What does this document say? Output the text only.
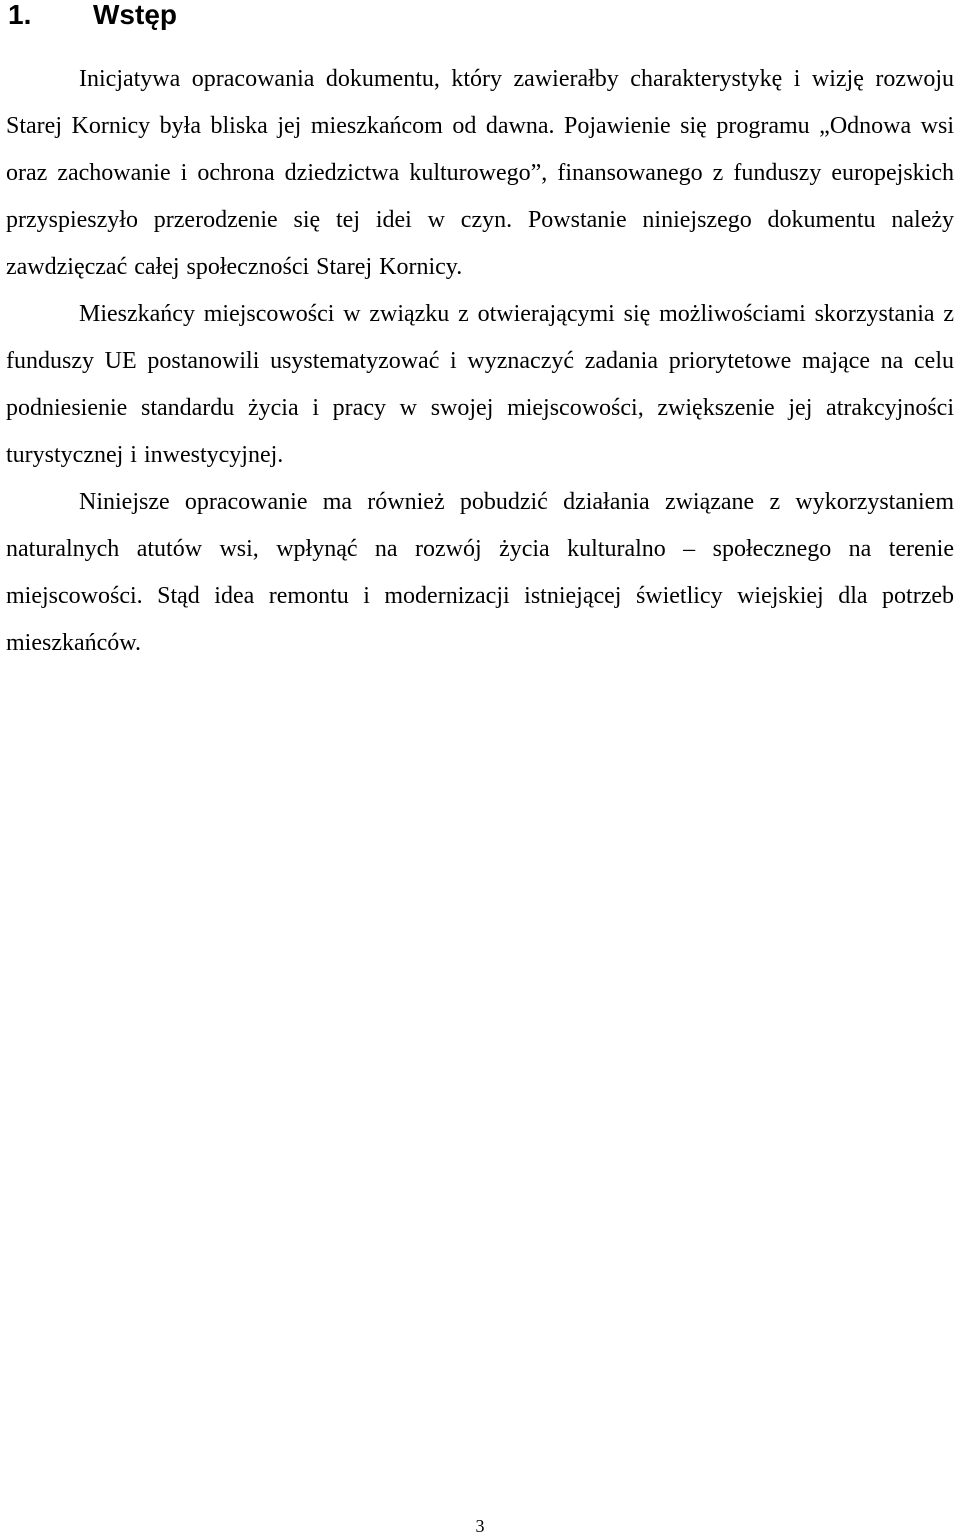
1. Wstęp

Inicjatywa opracowania dokumentu, który zawierałby charakterystykę i wizję rozwoju Starej Kornicy była bliska jej mieszkańcom od dawna. Pojawienie się programu „Odnowa wsi oraz zachowanie i ochrona dziedzictwa kulturowego”, finansowanego z funduszy europejskich przyspieszyło przerodzenie się tej idei w czyn. Powstanie niniejszego dokumentu należy zawdzięczać całej społeczności Starej Kornicy.

Mieszkańcy miejscowości w związku z otwierającymi się możliwościami skorzystania z funduszy UE postanowili usystematyzować i wyznaczyć zadania priorytetowe mające na celu podniesienie standardu życia i pracy w swojej miejscowości, zwiększenie jej atrakcyjności turystycznej i inwestycyjnej.

Niniejsze opracowanie ma również pobudzić działania związane z wykorzystaniem naturalnych atutów wsi, wpłynąć na rozwój życia kulturalno – społecznego na terenie miejscowości. Stąd idea remontu i modernizacji istniejącej świetlicy wiejskiej dla potrzeb mieszkańców.

3
